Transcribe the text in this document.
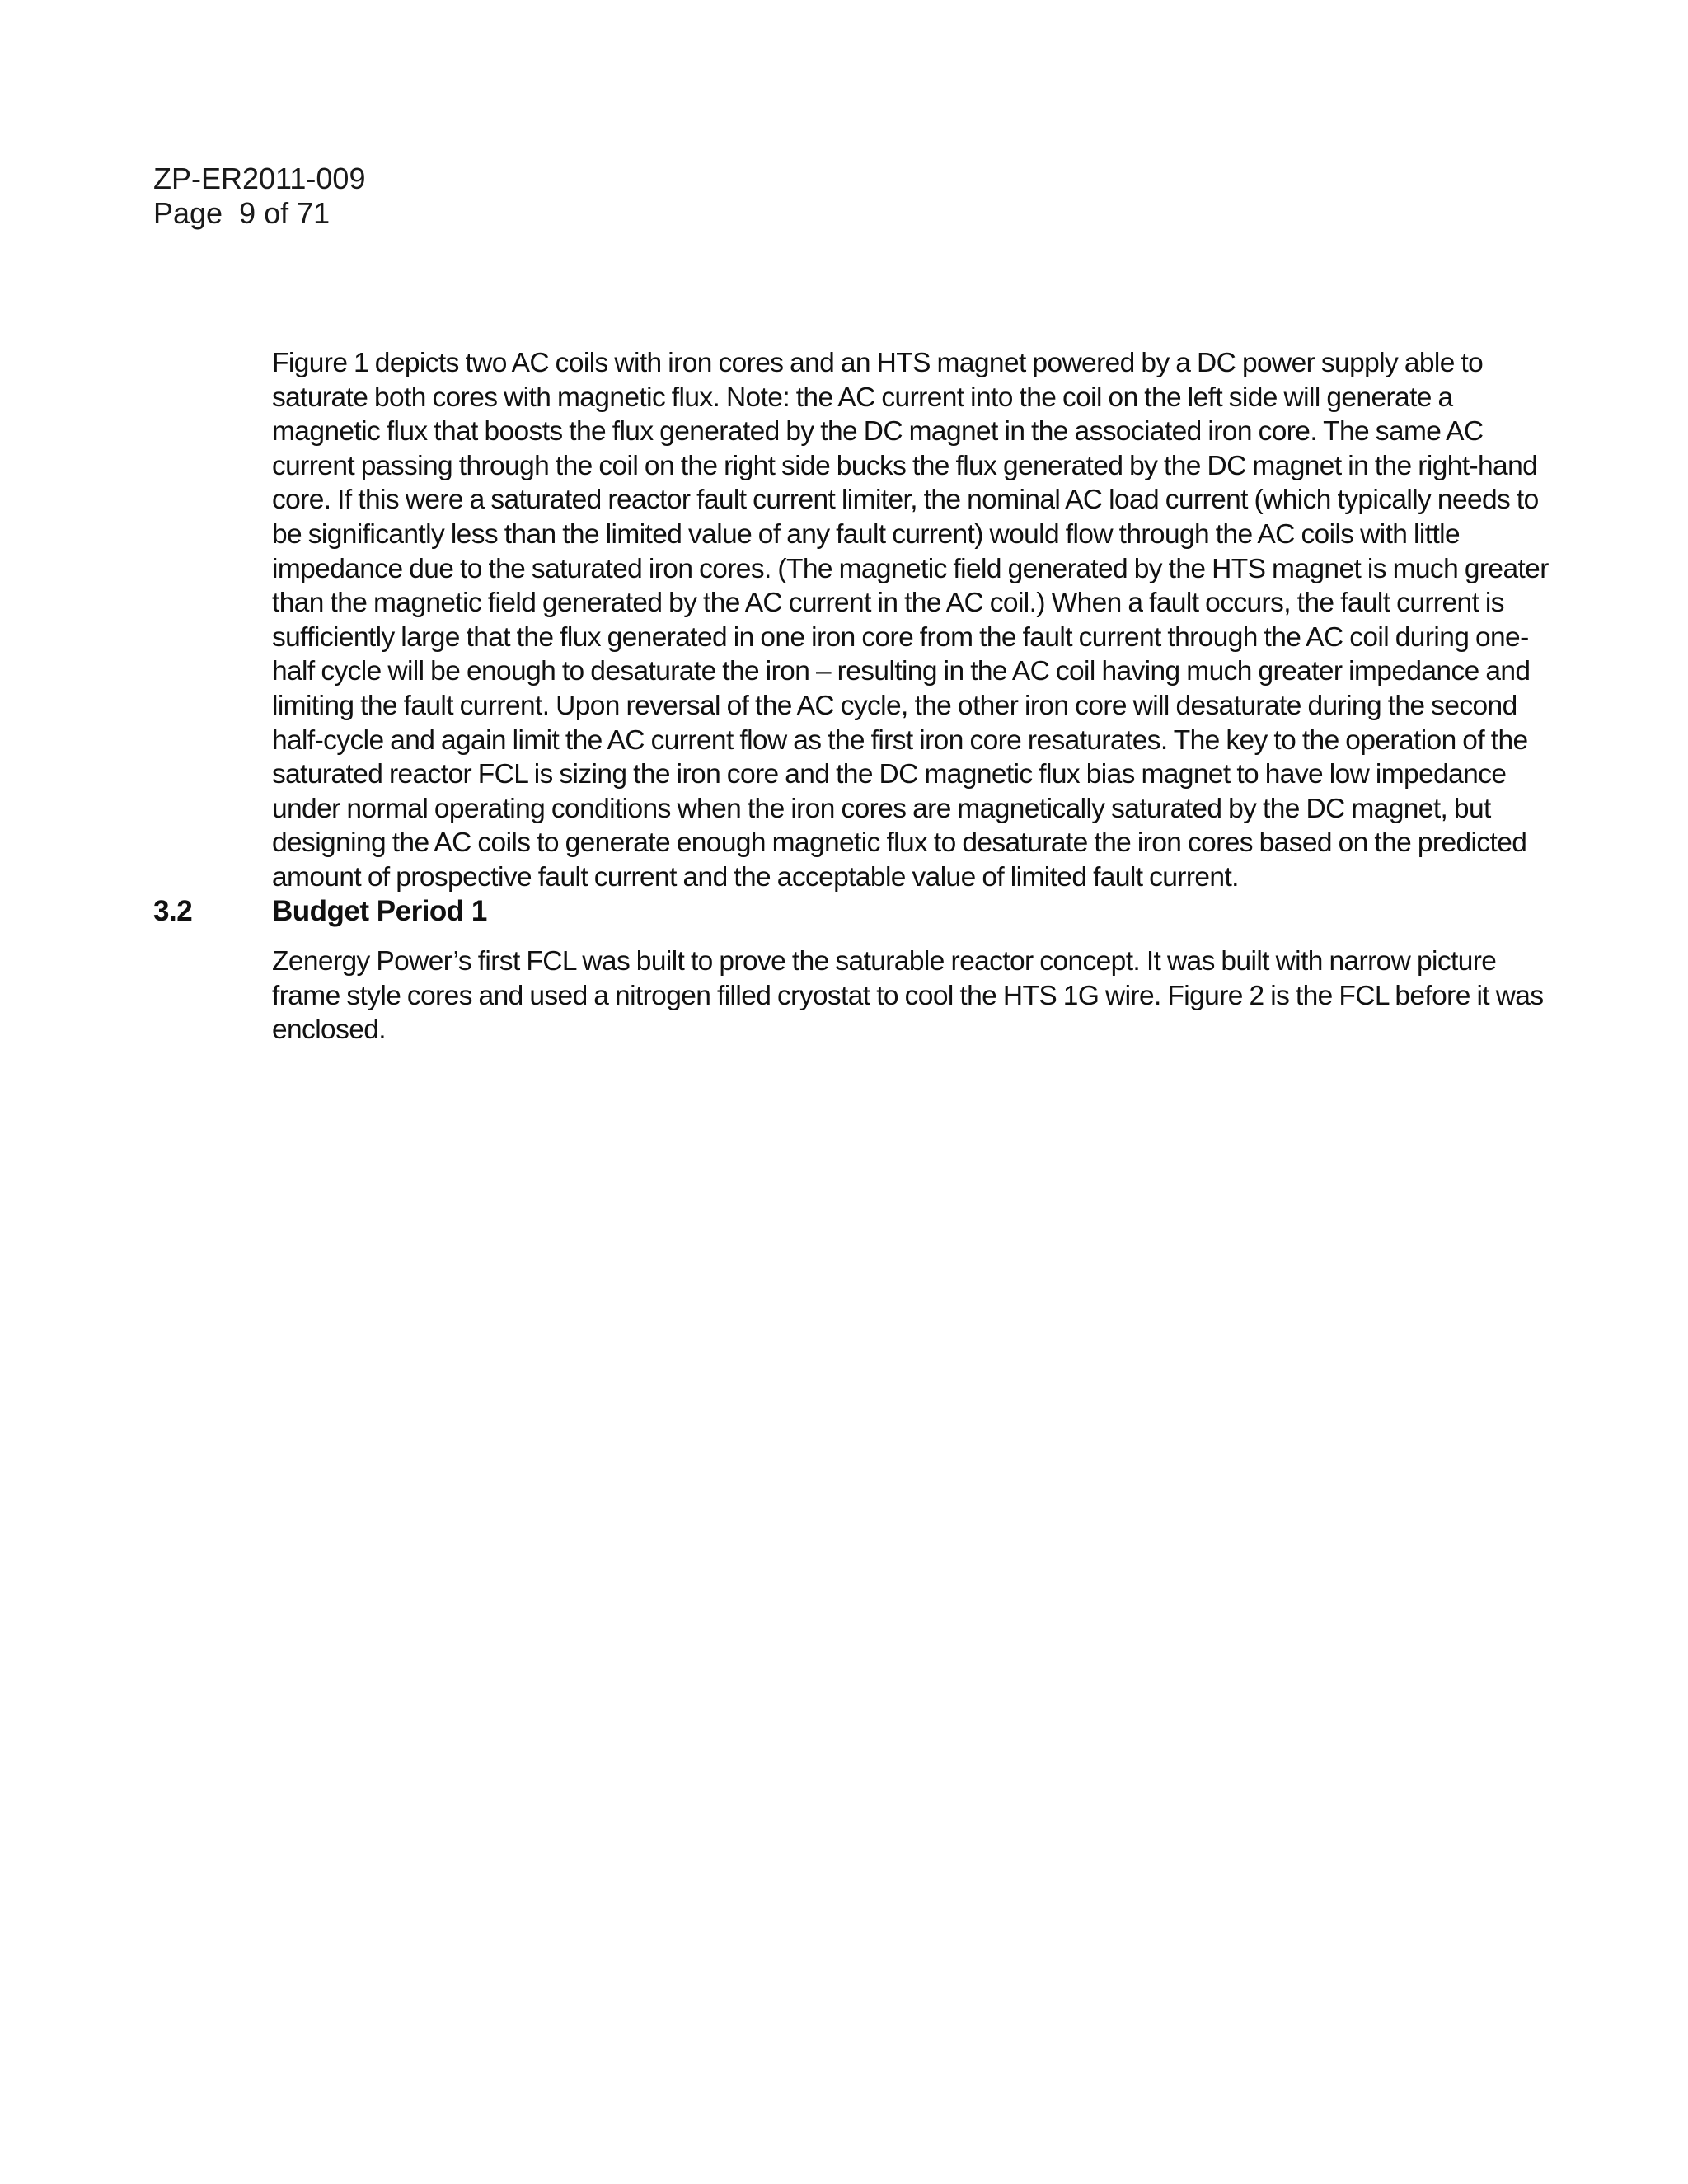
ZP-ER2011-009
Page  9 of 71

Figure 1 depicts two AC coils with iron cores and an HTS magnet powered by a DC power supply able to saturate both cores with magnetic flux. Note: the AC current into the coil on the left side will generate a magnetic flux that boosts the flux generated by the DC magnet in the associated iron core. The same AC current passing through the coil on the right side bucks the flux generated by the DC magnet in the right-hand core. If this were a saturated reactor fault current limiter, the nominal AC load current (which typically needs to be significantly less than the limited value of any fault current) would flow through the AC coils with little impedance due to the saturated iron cores. (The magnetic field generated by the HTS magnet is much greater than the magnetic field generated by the AC current in the AC coil.) When a fault occurs, the fault current is sufficiently large that the flux generated in one iron core from the fault current through the AC coil during one-half cycle will be enough to desaturate the iron – resulting in the AC coil having much greater impedance and limiting the fault current. Upon reversal of the AC cycle, the other iron core will desaturate during the second half-cycle and again limit the AC current flow as the first iron core resaturates. The key to the operation of the saturated reactor FCL is sizing the iron core and the DC magnetic flux bias magnet to have low impedance under normal operating conditions when the iron cores are magnetically saturated by the DC magnet, but designing the AC coils to generate enough magnetic flux to desaturate the iron cores based on the predicted amount of prospective fault current and the acceptable value of limited fault current.

3.2	Budget Period 1

Zenergy Power’s first FCL was built to prove the saturable reactor concept. It was built with narrow picture frame style cores and used a nitrogen filled cryostat to cool the HTS 1G wire. Figure 2 is the FCL before it was enclosed.
